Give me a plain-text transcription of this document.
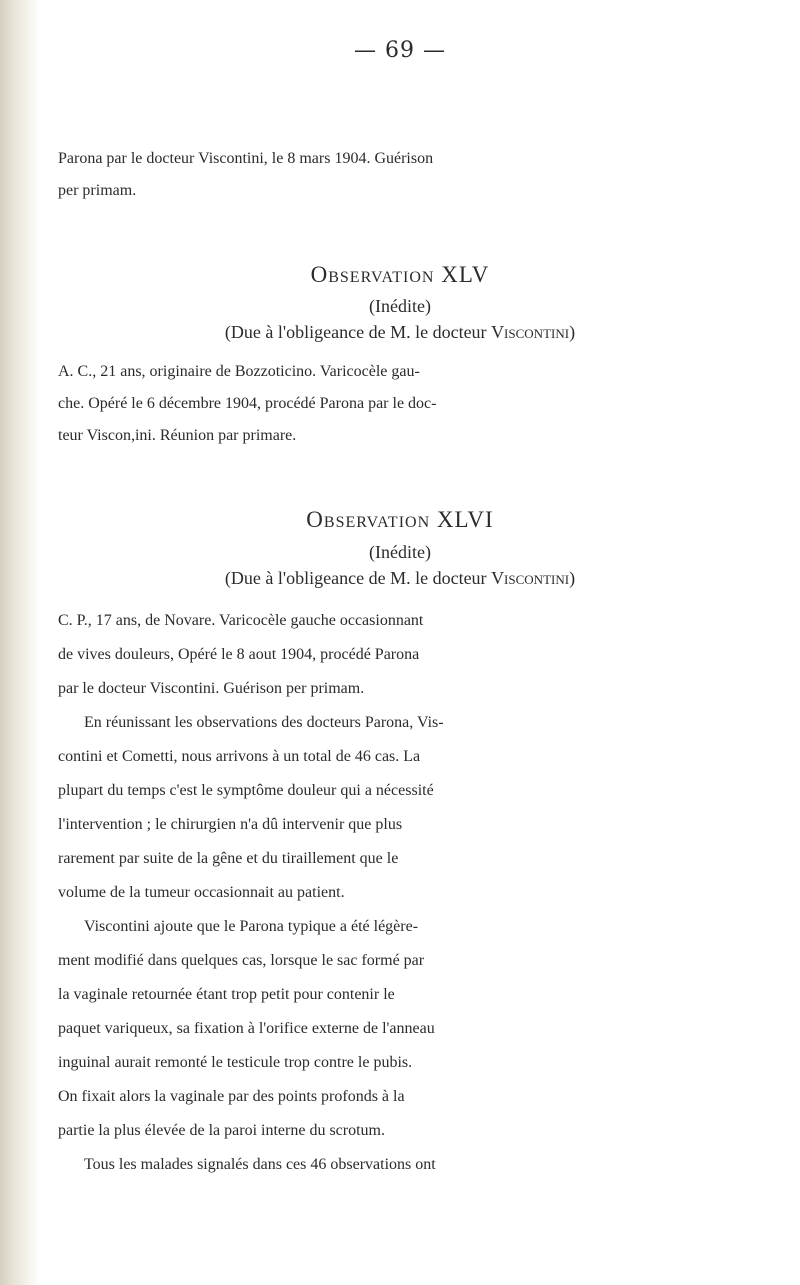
— 69 —
Parona par le docteur Viscontini, le 8 mars 1904. Guérison
per primam.
Observation XLV
(Inédite)
(Due à l'obligeance de M. le docteur Viscontini)
A. C., 21 ans, originaire de Bozzoticino. Varicocèle gau-
che. Opéré le 6 décembre 1904, procédé Parona par le doc-
teur Viscon,ini. Réunion par primare.
Observation XLVI
(Inédite)
(Due à l'obligeance de M. le docteur Viscontini)
C. P., 17 ans, de Novare. Varicocèle gauche occasionnant
de vives douleurs, Opéré le 8 aout 1904, procédé Parona
par le docteur Viscontini. Guérison per primam.
En réunissant les observations des docteurs Parona, Vis-
contini et Cometti, nous arrivons à un total de 46 cas. La
plupart du temps c'est le symptôme douleur qui a nécessité
l'intervention ; le chirurgien n'a dû intervenir que plus
rarement par suite de la gêne et du tiraillement que le
volume de la tumeur occasionnait au patient.
Viscontini ajoute que le Parona typique a été légère-
ment modifié dans quelques cas, lorsque le sac formé par
la vaginale retournée étant trop petit pour contenir le
paquet variqueux, sa fixation à l'orifice externe de l'anneau
inguinal aurait remonté le testicule trop contre le pubis.
On fixait alors la vaginale par des points profonds à la
partie la plus élevée de la paroi interne du scrotum.
Tous les malades signalés dans ces 46 observations ont
